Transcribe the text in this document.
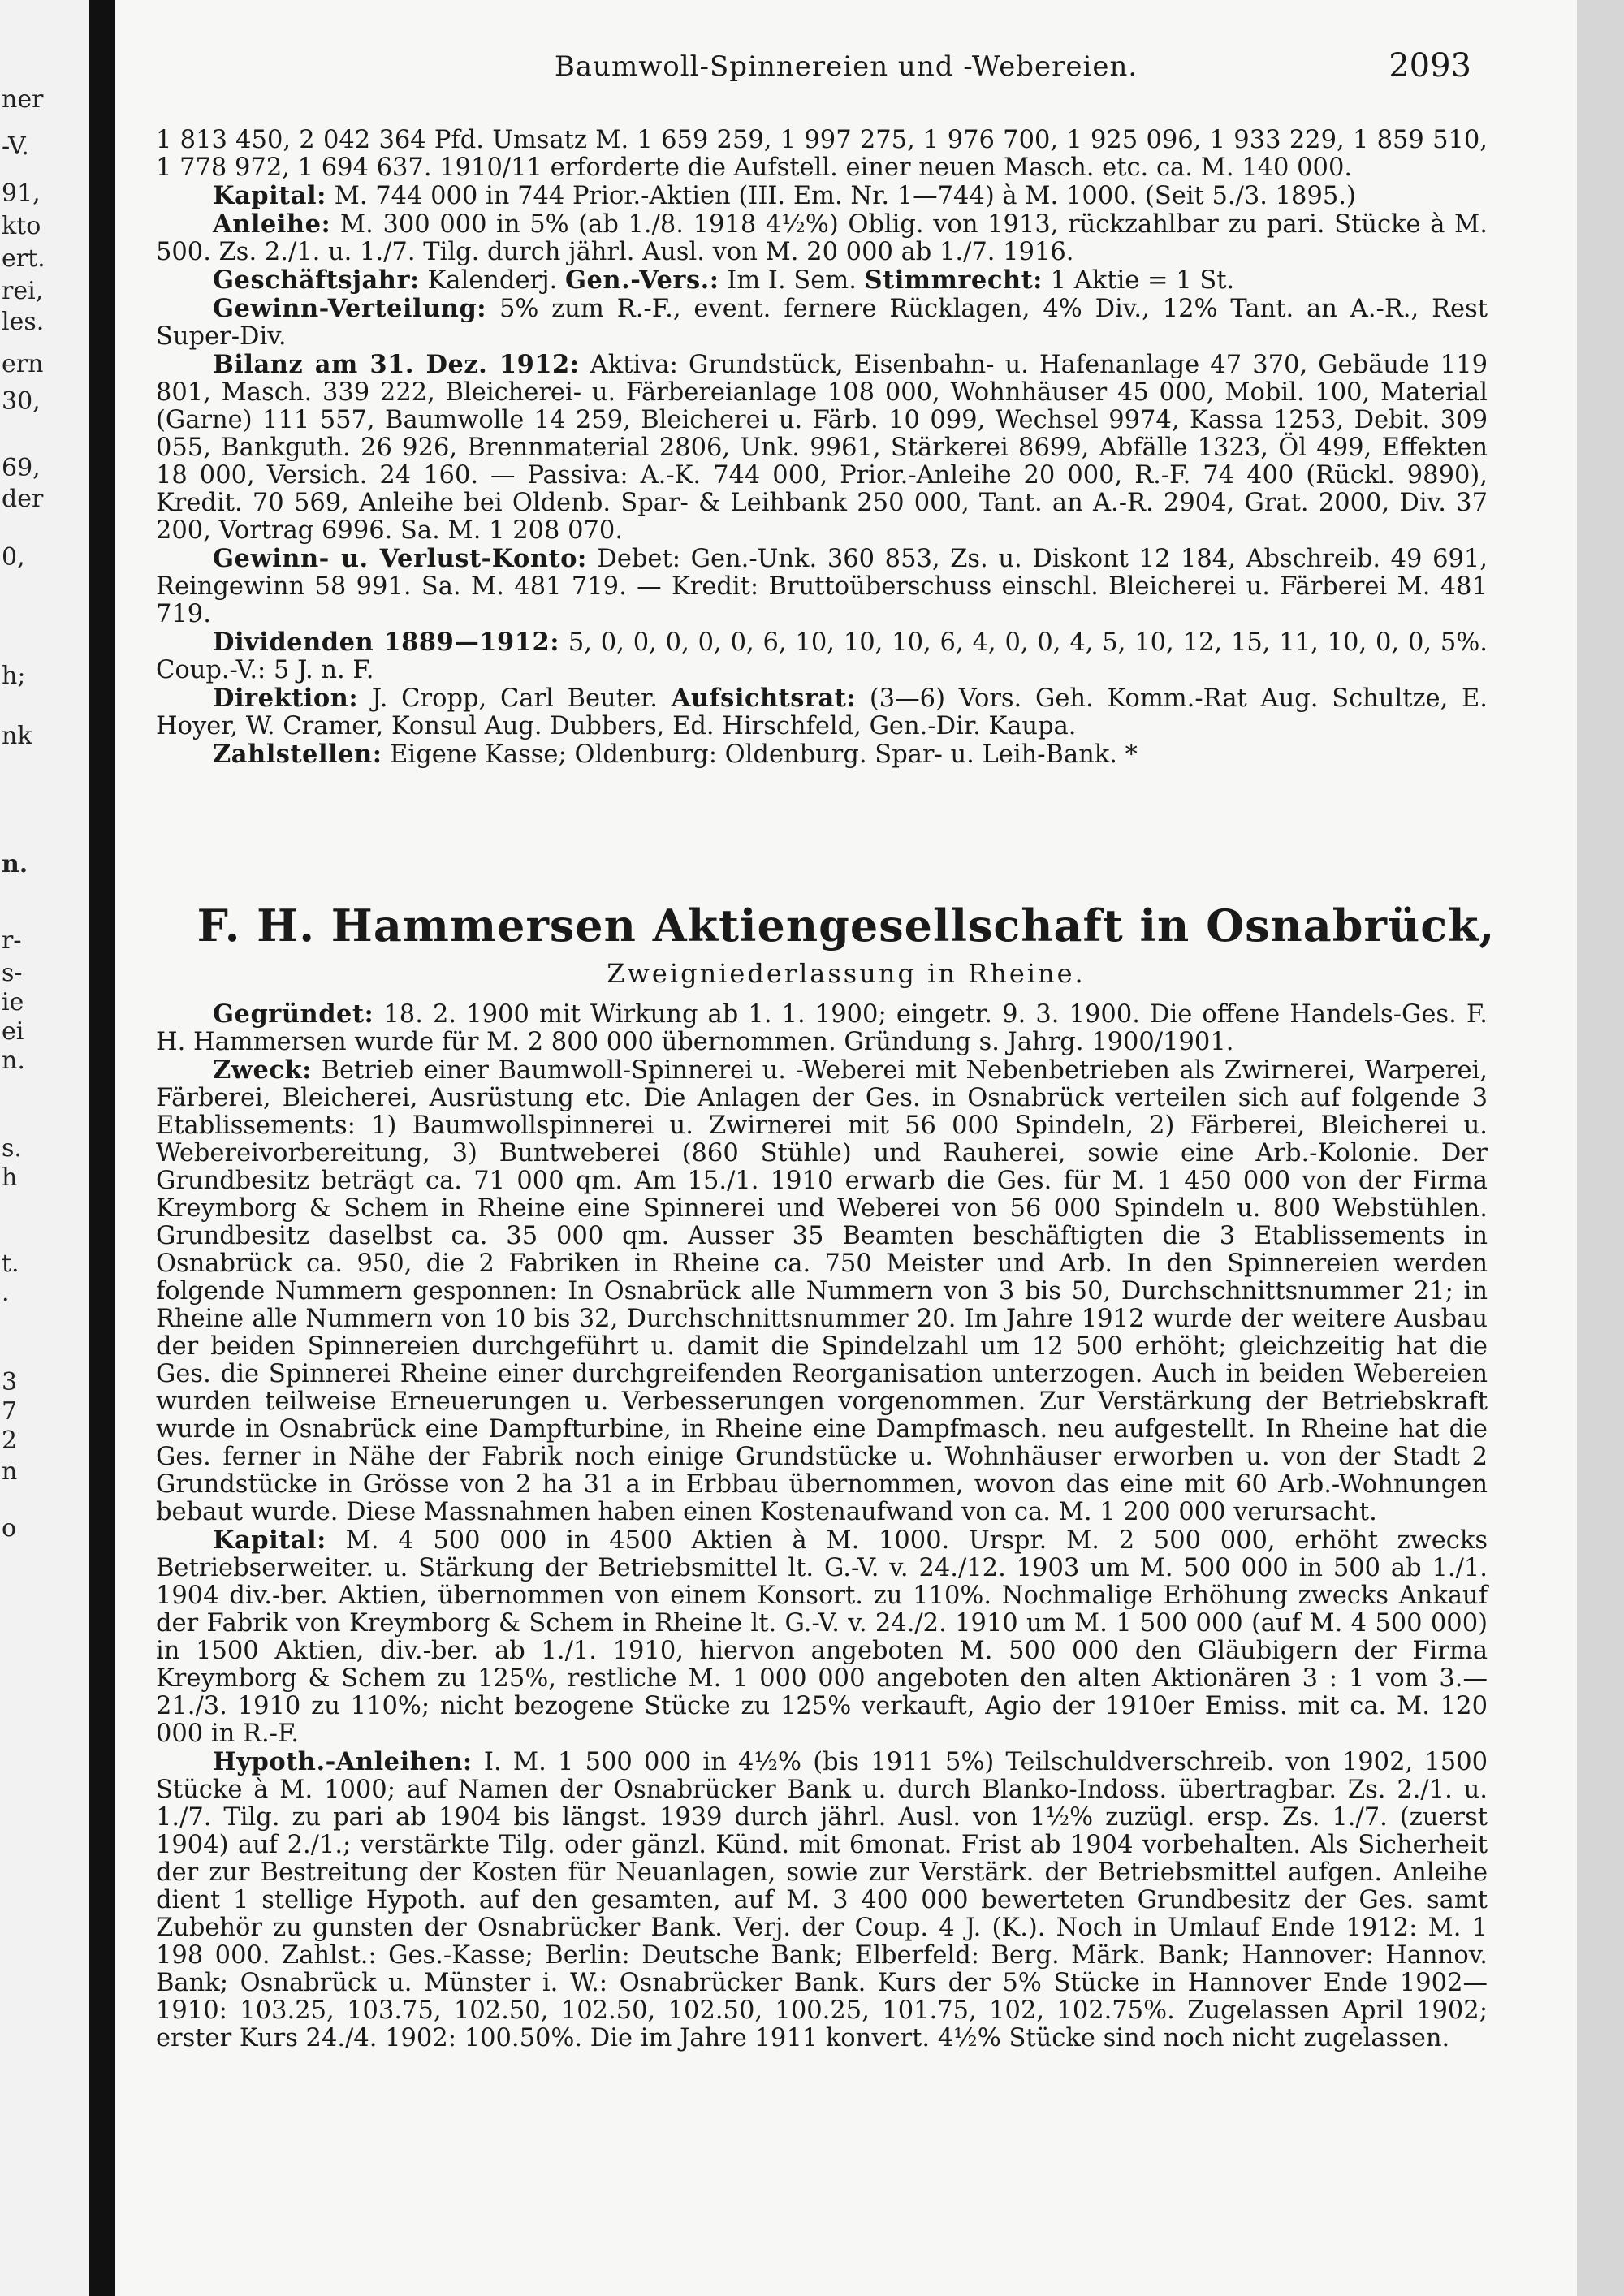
ner
-V.
91,
kto
ert.
rei,
les.
ern
30,
69,
der
0,
h;
nk
n.
r-
s-
ie
ei
n.
s.
h
t.
.
3
7
2
n
o
Baumwoll-Spinnereien und -Webereien.	2093

1 813 450, 2 042 364 Pfd. Umsatz M. 1 659 259, 1 997 275, 1 976 700, 1 925 096, 1 933 229, 1 859 510, 1 778 972, 1 694 637. 1910/11 erforderte die Aufstell. einer neuen Masch. etc. ca. M. 140 000.

Kapital: M. 744 000 in 744 Prior.-Aktien (III. Em. Nr. 1—744) à M. 1000. (Seit 5./3. 1895.)

Anleihe: M. 300 000 in 5% (ab 1./8. 1918 4½%) Oblig. von 1913, rückzahlbar zu pari. Stücke à M. 500. Zs. 2./1. u. 1./7. Tilg. durch jährl. Ausl. von M. 20 000 ab 1./7. 1916.

Geschäftsjahr: Kalenderj. Gen.-Vers.: Im I. Sem. Stimmrecht: 1 Aktie = 1 St.

Gewinn-Verteilung: 5% zum R.-F., event. fernere Rücklagen, 4% Div., 12% Tant. an A.-R., Rest Super-Div.

Bilanz am 31. Dez. 1912: Aktiva: Grundstück, Eisenbahn- u. Hafenanlage 47 370, Gebäude 119 801, Masch. 339 222, Bleicherei- u. Färbereianlage 108 000, Wohnhäuser 45 000, Mobil. 100, Material (Garne) 111 557, Baumwolle 14 259, Bleicherei u. Färb. 10 099, Wechsel 9974, Kassa 1253, Debit. 309 055, Bankguth. 26 926, Brennmaterial 2806, Unk. 9961, Stärkerei 8699, Abfälle 1323, Öl 499, Effekten 18 000, Versich. 24 160. — Passiva: A.-K. 744 000, Prior.-Anleihe 20 000, R.-F. 74 400 (Rückl. 9890), Kredit. 70 569, Anleihe bei Oldenb. Spar- & Leihbank 250 000, Tant. an A.-R. 2904, Grat. 2000, Div. 37 200, Vortrag 6996. Sa. M. 1 208 070.

Gewinn- u. Verlust-Konto: Debet: Gen.-Unk. 360 853, Zs. u. Diskont 12 184, Abschreib. 49 691, Reingewinn 58 991. Sa. M. 481 719. — Kredit: Bruttoüberschuss einschl. Bleicherei u. Färberei M. 481 719.

Dividenden 1889—1912: 5, 0, 0, 0, 0, 0, 6, 10, 10, 10, 6, 4, 0, 0, 4, 5, 10, 12, 15, 11, 10, 0, 0, 5%. Coup.-V.: 5 J. n. F.

Direktion: J. Cropp, Carl Beuter. Aufsichtsrat: (3—6) Vors. Geh. Komm.-Rat Aug. Schultze, E. Hoyer, W. Cramer, Konsul Aug. Dubbers, Ed. Hirschfeld, Gen.-Dir. Kaupa.

Zahlstellen: Eigene Kasse; Oldenburg: Oldenburg. Spar- u. Leih-Bank. *

F. H. Hammersen Aktiengesellschaft in Osnabrück,
Zweigniederlassung in Rheine.

Gegründet: 18. 2. 1900 mit Wirkung ab 1. 1. 1900; eingetr. 9. 3. 1900. Die offene Handels-Ges. F. H. Hammersen wurde für M. 2 800 000 übernommen. Gründung s. Jahrg. 1900/1901.

Zweck: Betrieb einer Baumwoll-Spinnerei u. -Weberei mit Nebenbetrieben als Zwirnerei, Warperei, Färberei, Bleicherei, Ausrüstung etc. Die Anlagen der Ges. in Osnabrück verteilen sich auf folgende 3 Etablissements: 1) Baumwollspinnerei u. Zwirnerei mit 56 000 Spindeln, 2) Färberei, Bleicherei u. Webereivorbereitung, 3) Buntweberei (860 Stühle) und Rauherei, sowie eine Arb.-Kolonie. Der Grundbesitz beträgt ca. 71 000 qm. Am 15./1. 1910 erwarb die Ges. für M. 1 450 000 von der Firma Kreymborg & Schem in Rheine eine Spinnerei und Weberei von 56 000 Spindeln u. 800 Webstühlen. Grundbesitz daselbst ca. 35 000 qm. Ausser 35 Beamten beschäftigten die 3 Etablissements in Osnabrück ca. 950, die 2 Fabriken in Rheine ca. 750 Meister und Arb. In den Spinnereien werden folgende Nummern gesponnen: In Osnabrück alle Nummern von 3 bis 50, Durchschnittsnummer 21; in Rheine alle Nummern von 10 bis 32, Durchschnittsnummer 20. Im Jahre 1912 wurde der weitere Ausbau der beiden Spinnereien durchgeführt u. damit die Spindelzahl um 12 500 erhöht; gleichzeitig hat die Ges. die Spinnerei Rheine einer durchgreifenden Reorganisation unterzogen. Auch in beiden Webereien wurden teilweise Erneuerungen u. Verbesserungen vorgenommen. Zur Verstärkung der Betriebskraft wurde in Osnabrück eine Dampfturbine, in Rheine eine Dampfmasch. neu aufgestellt. In Rheine hat die Ges. ferner in Nähe der Fabrik noch einige Grundstücke u. Wohnhäuser erworben u. von der Stadt 2 Grundstücke in Grösse von 2 ha 31 a in Erbbau übernommen, wovon das eine mit 60 Arb.-Wohnungen bebaut wurde. Diese Massnahmen haben einen Kostenaufwand von ca. M. 1 200 000 verursacht.

Kapital: M. 4 500 000 in 4500 Aktien à M. 1000. Urspr. M. 2 500 000, erhöht zwecks Betriebserweiter. u. Stärkung der Betriebsmittel lt. G.-V. v. 24./12. 1903 um M. 500 000 in 500 ab 1./1. 1904 div.-ber. Aktien, übernommen von einem Konsort. zu 110%. Nochmalige Erhöhung zwecks Ankauf der Fabrik von Kreymborg & Schem in Rheine lt. G.-V. v. 24./2. 1910 um M. 1 500 000 (auf M. 4 500 000) in 1500 Aktien, div.-ber. ab 1./1. 1910, hiervon angeboten M. 500 000 den Gläubigern der Firma Kreymborg & Schem zu 125%, restliche M. 1 000 000 angeboten den alten Aktionären 3 : 1 vom 3.—21./3. 1910 zu 110%; nicht bezogene Stücke zu 125% verkauft, Agio der 1910er Emiss. mit ca. M. 120 000 in R.-F.

Hypoth.-Anleihen: I. M. 1 500 000 in 4½% (bis 1911 5%) Teilschuldverschreib. von 1902, 1500 Stücke à M. 1000; auf Namen der Osnabrücker Bank u. durch Blanko-Indoss. übertragbar. Zs. 2./1. u. 1./7. Tilg. zu pari ab 1904 bis längst. 1939 durch jährl. Ausl. von 1½% zuzügl. ersp. Zs. 1./7. (zuerst 1904) auf 2./1.; verstärkte Tilg. oder gänzl. Künd. mit 6monat. Frist ab 1904 vorbehalten. Als Sicherheit der zur Bestreitung der Kosten für Neuanlagen, sowie zur Verstärk. der Betriebsmittel aufgen. Anleihe dient 1 stellige Hypoth. auf den gesamten, auf M. 3 400 000 bewerteten Grundbesitz der Ges. samt Zubehör zu gunsten der Osnabrücker Bank. Verj. der Coup. 4 J. (K.). Noch in Umlauf Ende 1912: M. 1 198 000. Zahlst.: Ges.-Kasse; Berlin: Deutsche Bank; Elberfeld: Berg. Märk. Bank; Hannover: Hannov. Bank; Osnabrück u. Münster i. W.: Osnabrücker Bank. Kurs der 5% Stücke in Hannover Ende 1902—1910: 103.25, 103.75, 102.50, 102.50, 102.50, 100.25, 101.75, 102, 102.75%. Zugelassen April 1902; erster Kurs 24./4. 1902: 100.50%. Die im Jahre 1911 konvert. 4½% Stücke sind noch nicht zugelassen.
